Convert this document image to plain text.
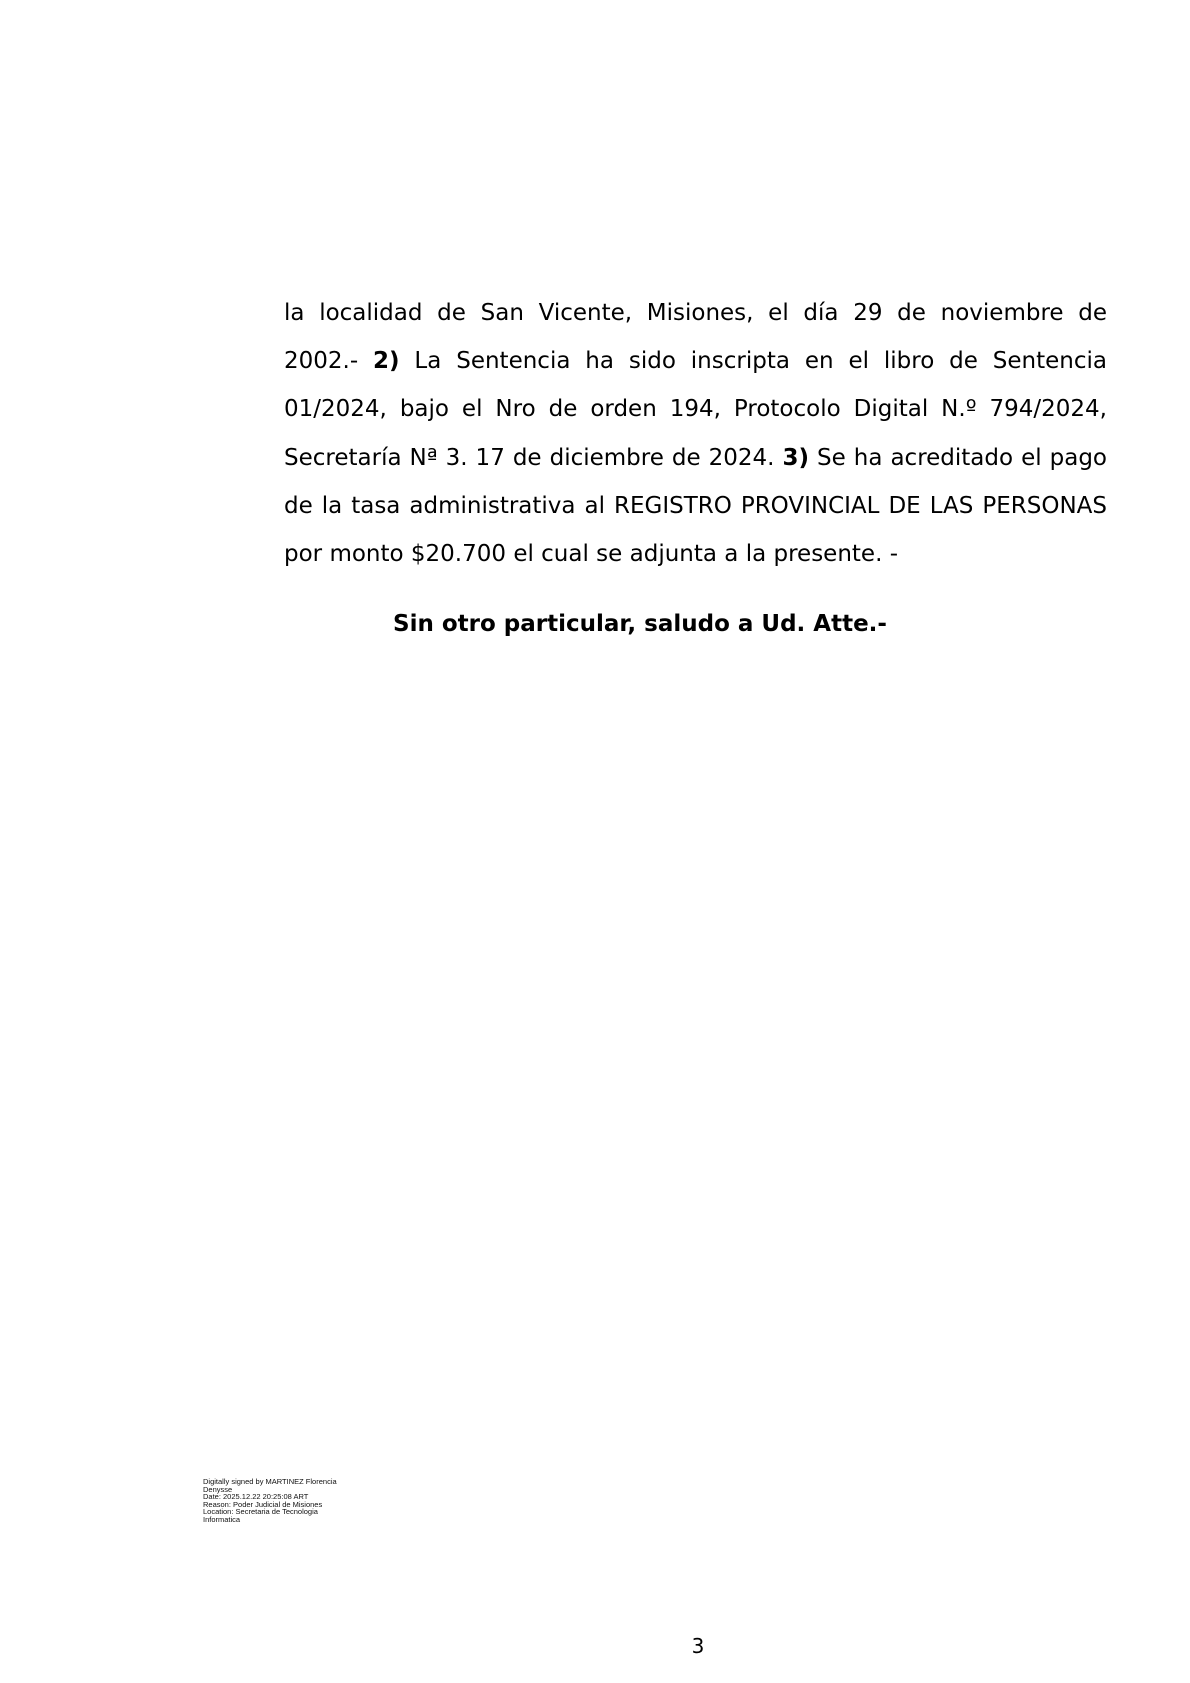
la localidad de San Vicente, Misiones, el día 29 de noviembre de 2002.- 2) La Sentencia ha sido inscripta en el libro de Sentencia 01/2024, bajo el Nro de orden 194, Protocolo Digital N.º 794/2024, Secretaría Nª 3. 17 de diciembre de 2024. 3) Se ha acreditado el pago de la tasa administrativa al REGISTRO PROVINCIAL DE LAS PERSONAS por monto $20.700 el cual se adjunta a la presente. -

Sin otro particular, saludo a Ud. Atte.-

Digitally signed by MARTINEZ Florencia
Denysse
Date: 2025.12.22 20:25:08 ART
Reason: Poder Judicial de Misiones
Location: Secretaria de Tecnologia
Informatica
3
